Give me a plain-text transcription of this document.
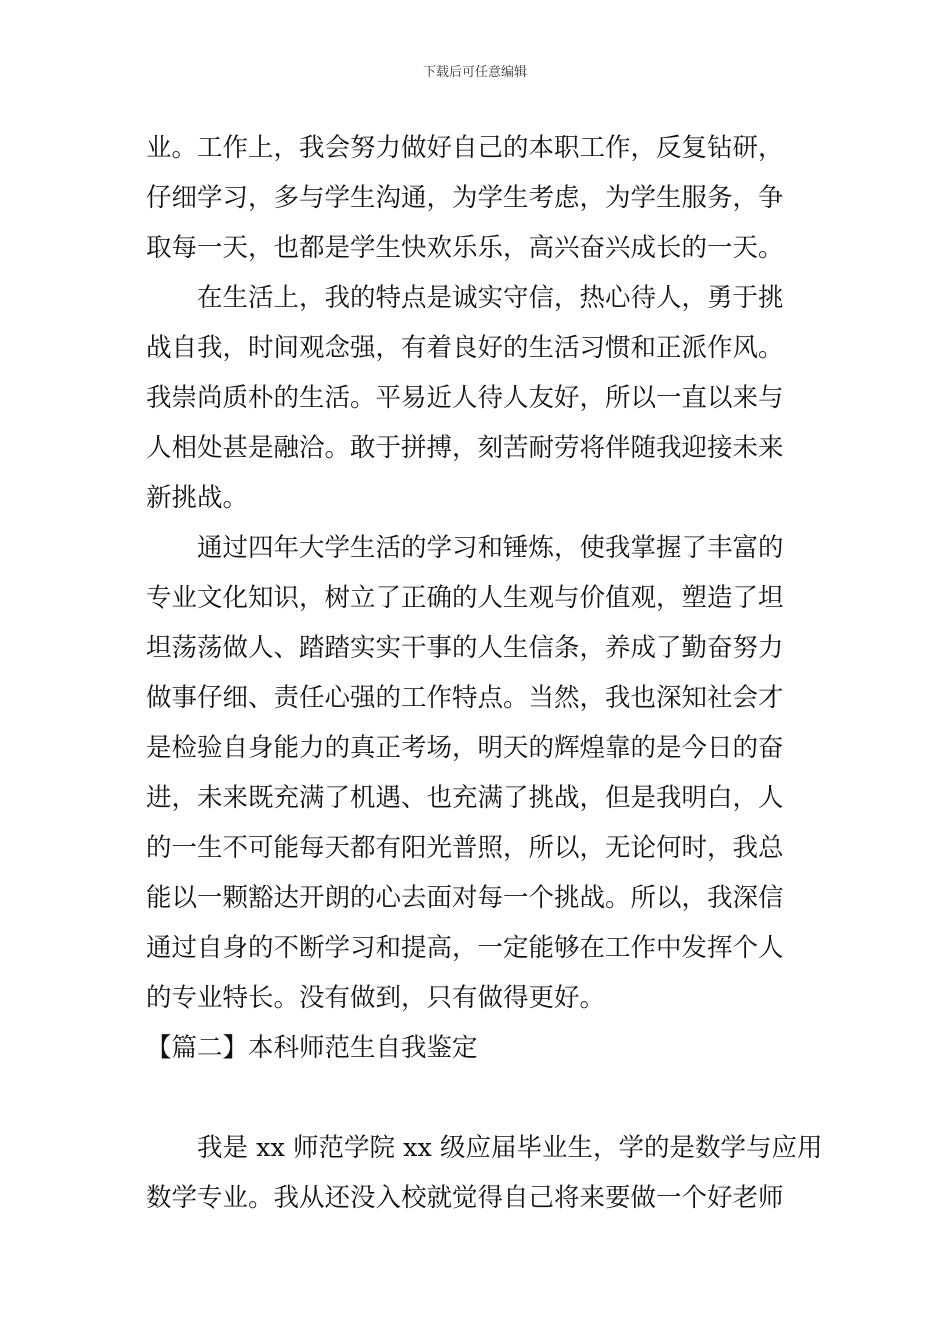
下载后可任意编辑
业。工作上，我会努力做好自己的本职工作，反复钻研，
仔细学习，多与学生沟通，为学生考虑，为学生服务，争
取每一天，也都是学生快欢乐乐，高兴奋兴成长的一天。
在生活上，我的特点是诚实守信，热心待人，勇于挑
战自我，时间观念强，有着良好的生活习惯和正派作风。
我崇尚质朴的生活。平易近人待人友好，所以一直以来与
人相处甚是融洽。敢于拼搏，刻苦耐劳将伴随我迎接未来
新挑战。
通过四年大学生活的学习和锤炼，使我掌握了丰富的
专业文化知识，树立了正确的人生观与价值观，塑造了坦
坦荡荡做人、踏踏实实干事的人生信条，养成了勤奋努力
做事仔细、责任心强的工作特点。当然，我也深知社会才
是检验自身能力的真正考场，明天的辉煌靠的是今日的奋
进，未来既充满了机遇、也充满了挑战，但是我明白，人
的一生不可能每天都有阳光普照，所以，无论何时，我总
能以一颗豁达开朗的心去面对每一个挑战。所以，我深信
通过自身的不断学习和提高，一定能够在工作中发挥个人
的专业特长。没有做到，只有做得更好。
【篇二】本科师范生自我鉴定
我是 xx 师范学院 xx 级应届毕业生，学的是数学与应用
数学专业。我从还没入校就觉得自己将来要做一个好老师
